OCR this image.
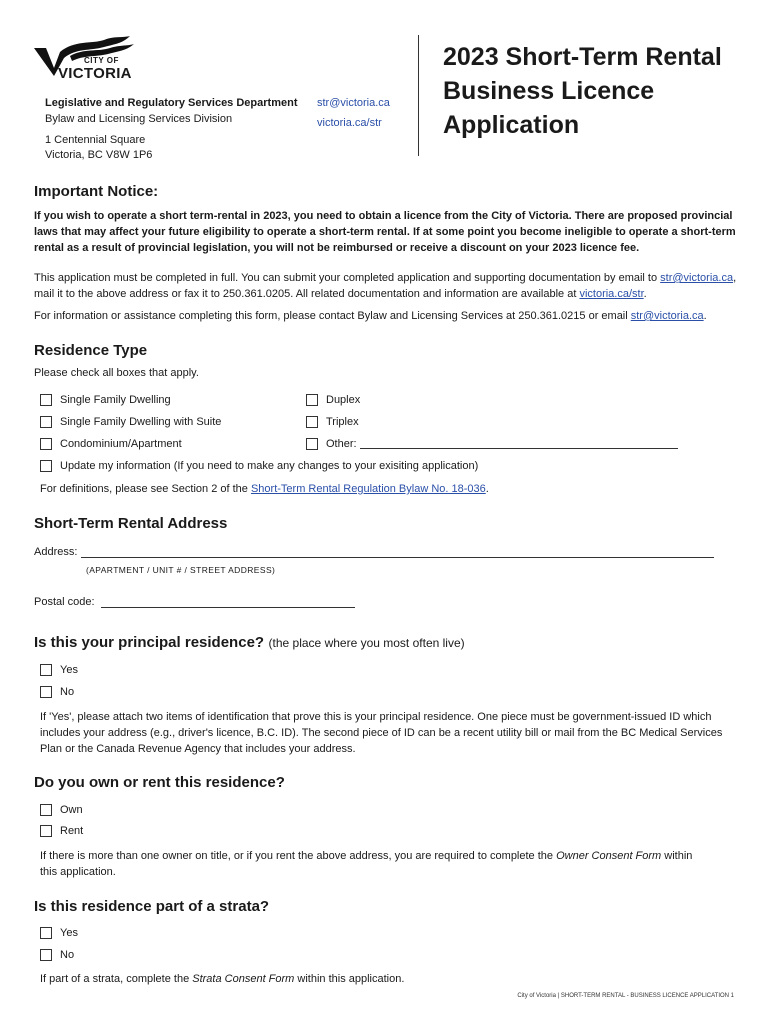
CITY OF
VICTORIA
Legislative and Regulatory Services Department
Bylaw and Licensing Services Division
1 Centennial Square
Victoria, BC V8W 1P6
str@victoria.ca
victoria.ca/str
2023 Short-Term Rental
Business Licence
Application
Important Notice:
If you wish to operate a short term-rental in 2023, you need to obtain a licence from the City of Victoria. There are proposed provincial laws that may affect your future eligibility to operate a short-term rental. If at some point you become ineligible to operate a short-term rental as a result of provincial legislation, you will not be reimbursed or receive a discount on your 2023 licence fee.
This application must be completed in full. You can submit your completed application and supporting documentation by email to str@victoria.ca, mail it to the above address or fax it to 250.361.0205. All related documentation and information are available at victoria.ca/str.
For information or assistance completing this form, please contact Bylaw and Licensing Services at 250.361.0215 or email str@victoria.ca.
Residence Type
Please check all boxes that apply.
Single Family Dwelling
Single Family Dwelling with Suite
Condominium/Apartment
Duplex
Triplex
Other:
Update my information (If you need to make any changes to your exisiting application)
For definitions, please see Section 2 of the Short-Term Rental Regulation Bylaw No. 18-036.
Short-Term Rental Address
Address:
(APARTMENT / UNIT # / STREET ADDRESS)
Postal code:
Is this your principal residence? (the place where you most often live)
Yes
No
If 'Yes', please attach two items of identification that prove this is your principal residence. One piece must be government-issued ID which includes your address (e.g., driver's licence, B.C. ID). The second piece of ID can be a recent utility bill or mail from the BC Medical Services Plan or the Canada Revenue Agency that includes your address.
Do you own or rent this residence?
Own
Rent
If there is more than one owner on title, or if you rent the above address, you are required to complete the Owner Consent Form within this application.
Is this residence part of a strata?
Yes
No
If part of a strata, complete the Strata Consent Form within this application.
City of Victoria | SHORT-TERM RENTAL - BUSINESS LICENCE APPLICATION 1
